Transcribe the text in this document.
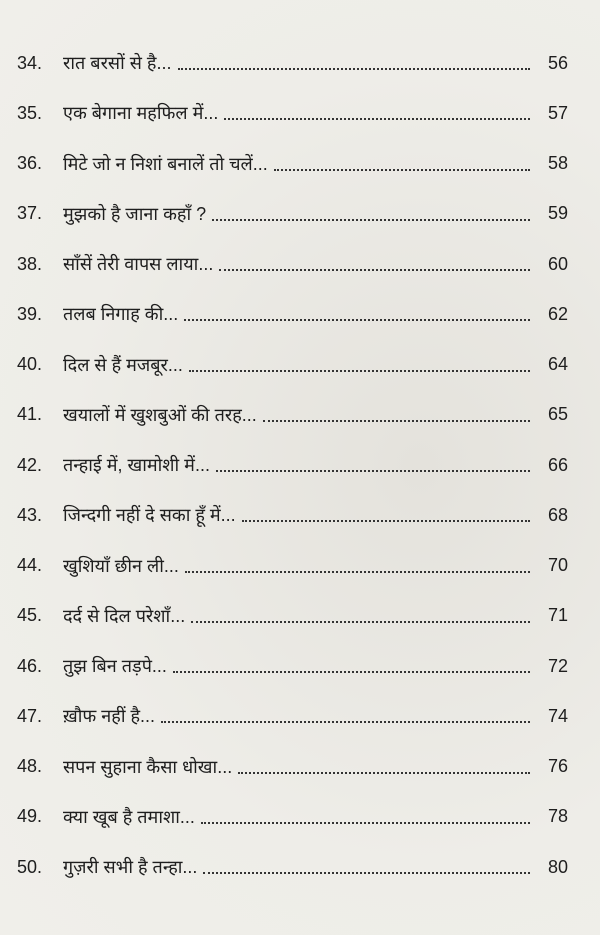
34.	रात बरसों से है...	56
35.	एक बेगाना महफिल में...	57
36.	मिटे जो न निशां बनालें तो चलें...	58
37.	मुझको है जाना कहाँ ?	59
38.	साँसें तेरी वापस लाया...	60
39.	तलब निगाह की...	62
40.	दिल से हैं मजबूर...	64
41.	खयालों में खुशबुओं की तरह...	65
42.	तन्हाई में, खामोशी में...	66
43.	जिन्दगी नहीं दे सका हूँ में...	68
44.	खुशियाँ छीन ली...	70
45.	दर्द से दिल परेशाँ...	71
46.	तुझ बिन तड़पे...	72
47.	ख़ौफ नहीं है...	74
48.	सपन सुहाना कैसा धोखा...	76
49.	क्या खूब है तमाशा...	78
50.	गुज़री सभी है तन्हा...	80
